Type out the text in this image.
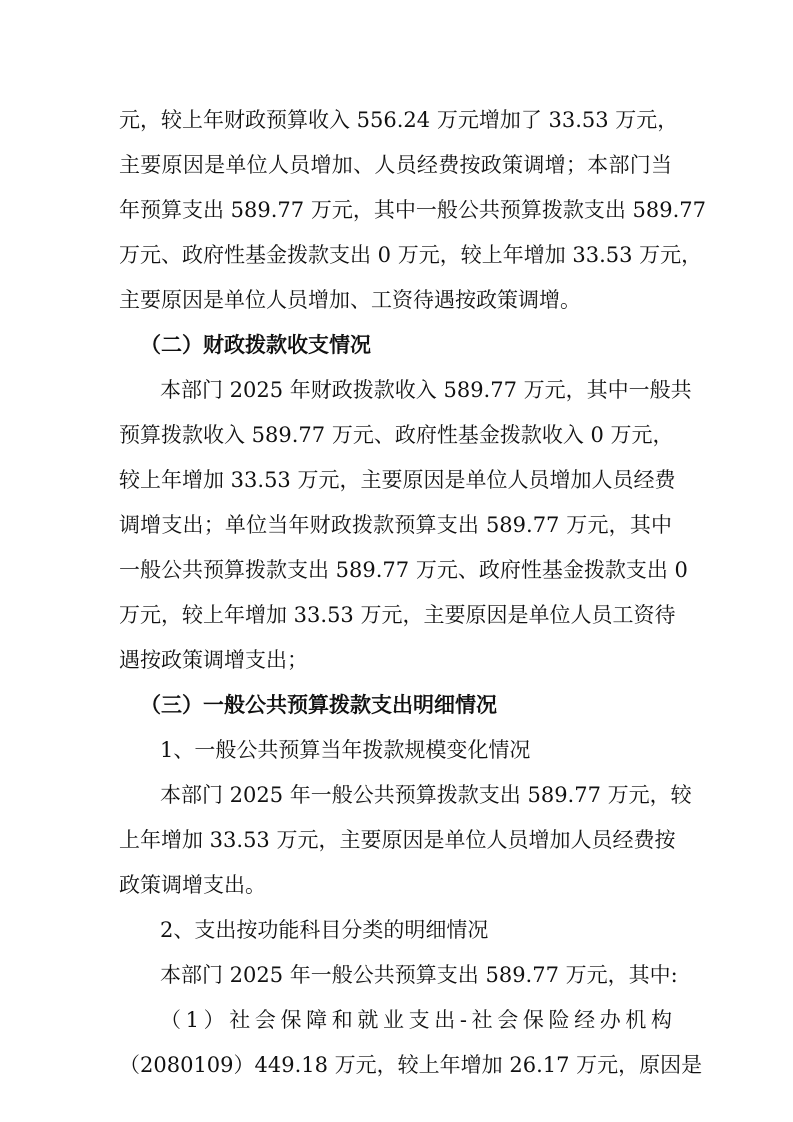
元，较上年财政预算收入 556.24 万元增加了 33.53 万元，
主要原因是单位人员增加、人员经费按政策调增；本部门当
年预算支出 589.77 万元，其中一般公共预算拨款支出 589.77
万元、政府性基金拨款支出 0 万元，较上年增加 33.53 万元，
主要原因是单位人员增加、工资待遇按政策调增。
（二）财政拨款收支情况
本部门 2025 年财政拨款收入 589.77 万元，其中一般共
预算拨款收入 589.77 万元、政府性基金拨款收入 0 万元，
较上年增加 33.53 万元，主要原因是单位人员增加人员经费
调增支出；单位当年财政拨款预算支出 589.77 万元，其中
一般公共预算拨款支出 589.77 万元、政府性基金拨款支出 0
万元，较上年增加 33.53 万元，主要原因是单位人员工资待
遇按政策调增支出；
（三）一般公共预算拨款支出明细情况
1、一般公共预算当年拨款规模变化情况
本部门 2025 年一般公共预算拨款支出 589.77 万元，较
上年增加 33.53 万元，主要原因是单位人员增加人员经费按
政策调增支出。
2、支出按功能科目分类的明细情况
本部门 2025 年一般公共预算支出 589.77 万元，其中:
（1）社会保障和就业支出-社会保险经办机构
（2080109）449.18 万元，较上年增加 26.17 万元，原因是
